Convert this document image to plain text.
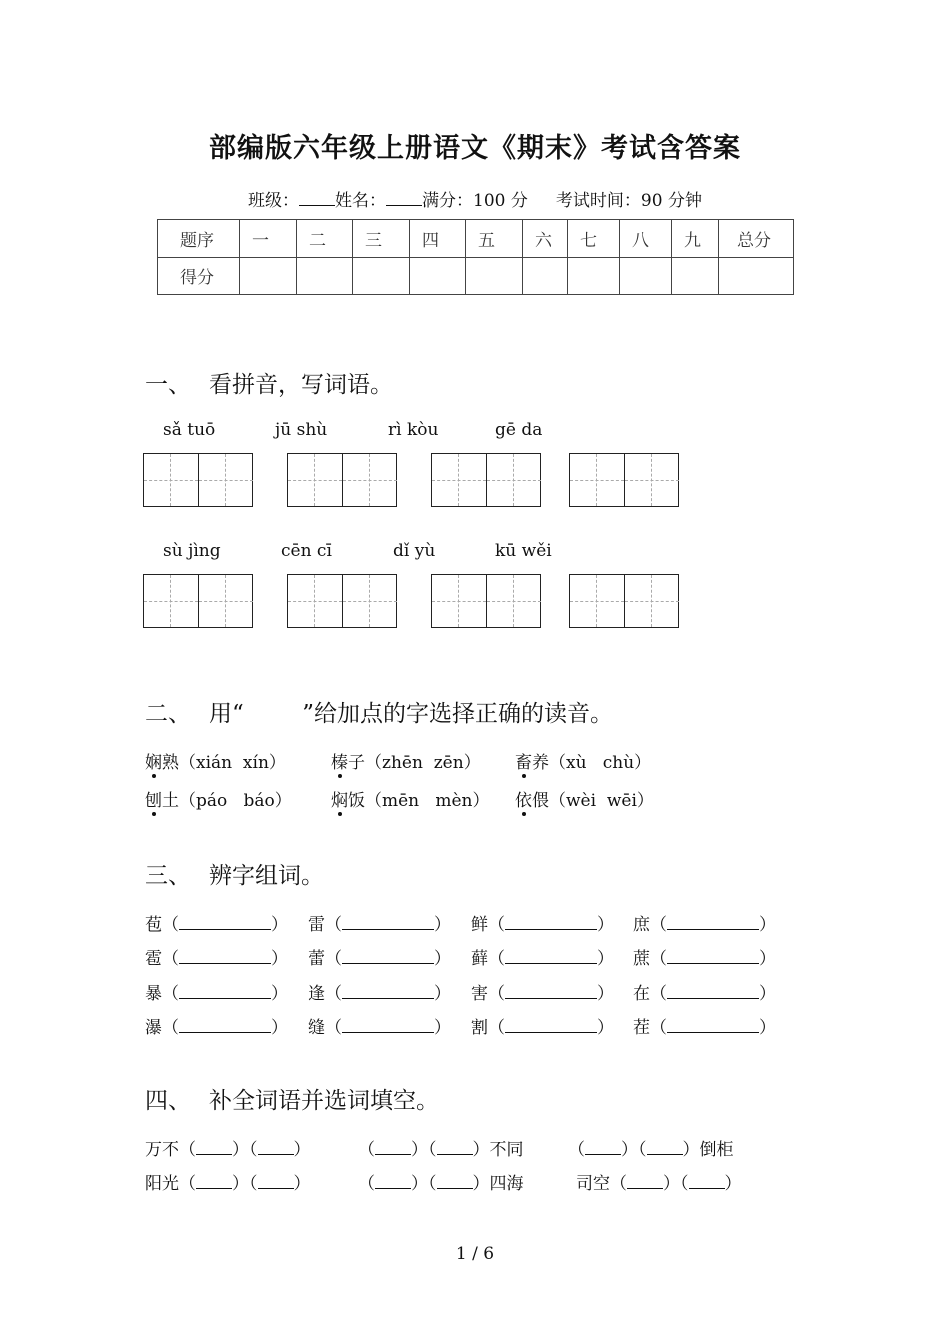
部编版六年级上册语文《期末》考试含答案
班级： 姓名： 满分：100 分 考试时间：90 分钟
题序	一	二	三	四	五	六	七	八	九	总分
得分										
一、 看拼音，写词语。
sǎ tuō	jū shù	rì kòu	gē da
sù jìng	cēn cī	dǐ yù	kū wěi
二、 用“        ”给加点的字选择正确的读音。
娴熟（xián  xín）	榛子（zhēn  zēn） 畜养（xù   chù）
刨土（páo   báo） 焖饭（mēn   mèn） 依偎（wèi  wēi）
三、 辨字组词。
苞（	） 雷（	） 鲜（	） 庶（	）
雹（	） 蕾（	） 藓（	） 蔗（	）
暴（	） 逢（	） 害（	） 在（	）
瀑（	） 缝（	） 割（	） 茬（	）
四、 补全词语并选词填空。
万不（ ）（ ）	（ ）（ ）不同	（ ）（ ）倒柜
阳光（ ）（ ）	（ ）（ ）四海	司空（ ）（ ）
1 / 6
